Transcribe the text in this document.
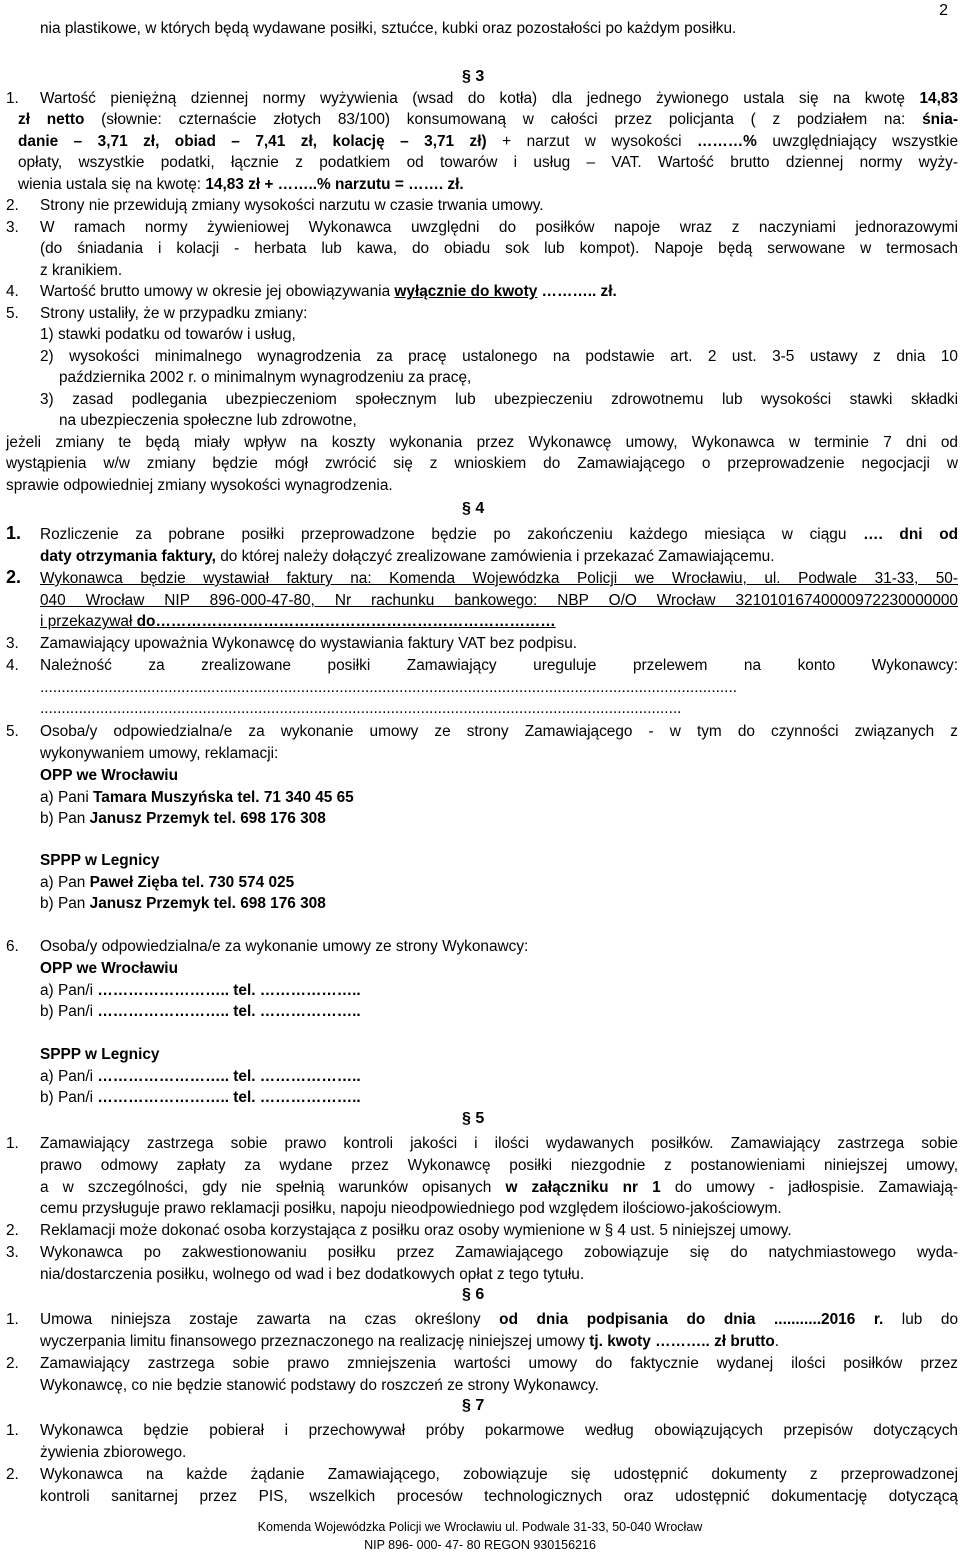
2
nia plastikowe, w których będą wydawane posiłki, sztućce, kubki oraz pozostałości po każdym posiłku.
§ 3
1. Wartość pieniężną dziennej normy wyżywienia (wsad do kotła) dla jednego żywionego ustala się na kwotę 14,83
zł netto (słownie: czternaście złotych 83/100) konsumowaną w całości przez policjanta ( z podziałem na: śnia-
danie – 3,71 zł, obiad – 7,41 zł, kolację – 3,71 zł) + narzut w wysokości ………% uwzględniający wszystkie
opłaty, wszystkie podatki, łącznie z podatkiem od towarów i usług – VAT. Wartość brutto dziennej normy wyży-
wienia ustala się na kwotę: 14,83 zł + ……..% narzutu = ……. zł.
2. Strony nie przewidują zmiany wysokości narzutu w czasie trwania umowy.
3. W ramach normy żywieniowej Wykonawca uwzględni do posiłków napoje wraz z naczyniami jednorazowymi
(do śniadania i kolacji - herbata lub kawa, do obiadu sok lub kompot). Napoje będą serwowane w termosach
z kranikiem.
4. Wartość brutto umowy w okresie jej obowiązywania wyłącznie do kwoty ……….. zł.
5. Strony ustaliły, że w przypadku zmiany:
1) stawki podatku od towarów i usług,
2) wysokości minimalnego wynagrodzenia za pracę ustalonego na podstawie art. 2 ust. 3-5 ustawy z dnia 10
października 2002 r. o minimalnym wynagrodzeniu za pracę,
3) zasad podlegania ubezpieczeniom społecznym lub ubezpieczeniu zdrowotnemu lub wysokości stawki składki
na ubezpieczenia społeczne lub zdrowotne,
jeżeli zmiany te będą miały wpływ na koszty wykonania przez Wykonawcę umowy, Wykonawca w terminie 7 dni od
wystąpienia w/w zmiany będzie mógł zwrócić się z wnioskiem do Zamawiającego o przeprowadzenie negocjacji w
sprawie odpowiedniej zmiany wysokości wynagrodzenia.
§ 4
1. Rozliczenie za pobrane posiłki przeprowadzone będzie po zakończeniu każdego miesiąca w ciągu …. dni od
daty otrzymania faktury, do której należy dołączyć zrealizowane zamówienia i przekazać Zamawiającemu.
2. Wykonawca będzie wystawiał faktury na: Komenda Wojewódzka Policji we Wrocławiu, ul. Podwale 31-33, 50-
040 Wrocław NIP 896-000-47-80, Nr rachunku bankowego: NBP O/O Wrocław 32101016740000972230000000
i przekazywał do……………………………………………………………………
3. Zamawiający upoważnia Wykonawcę do wystawiania faktury VAT bez podpisu.
4. Należność za zrealizowane posiłki Zamawiający ureguluje przelewem na konto Wykonawcy:
...................................................................................................................................................................
......................................................................................................................................................
5. Osoba/y odpowiedzialna/e za wykonanie umowy ze strony Zamawiającego - w tym do czynności związanych z
wykonywaniem umowy, reklamacji:
OPP we Wrocławiu
a) Pani Tamara Muszyńska tel. 71 340 45 65
b) Pan Janusz Przemyk tel. 698 176 308
SPPP w Legnicy
a) Pan Paweł Zięba tel. 730 574 025
b) Pan Janusz Przemyk tel. 698 176 308
6. Osoba/y odpowiedzialna/e za wykonanie umowy ze strony Wykonawcy:
OPP we Wrocławiu
a) Pan/i …………………….. tel. ………………..
b) Pan/i …………………….. tel. ………………..
SPPP w Legnicy
a) Pan/i …………………….. tel. ………………..
b) Pan/i …………………….. tel. ………………..
§ 5
1. Zamawiający zastrzega sobie prawo kontroli jakości i ilości wydawanych posiłków. Zamawiający zastrzega sobie
prawo odmowy zapłaty za wydane przez Wykonawcę posiłki niezgodnie z postanowieniami niniejszej umowy,
a w szczególności, gdy nie spełnią warunków opisanych w załączniku nr 1 do umowy - jadłospisie. Zamawiają-
cemu przysługuje prawo reklamacji posiłku, napoju nieodpowiedniego pod względem ilościowo-jakościowym.
2. Reklamacji może dokonać osoba korzystająca z posiłku oraz osoby wymienione w § 4 ust. 5 niniejszej umowy.
3. Wykonawca po zakwestionowaniu posiłku przez Zamawiającego zobowiązuje się do natychmiastowego wyda-
nia/dostarczenia posiłku, wolnego od wad i bez dodatkowych opłat z tego tytułu.
§ 6
1. Umowa niniejsza zostaje zawarta na czas określony od dnia podpisania do dnia ...........2016 r. lub do
wyczerpania limitu finansowego przeznaczonego na realizację niniejszej umowy tj. kwoty ……….. zł brutto.
2. Zamawiający zastrzega sobie prawo zmniejszenia wartości umowy do faktycznie wydanej ilości posiłków przez
Wykonawcę, co nie będzie stanowić podstawy do roszczeń ze strony Wykonawcy.
§ 7
1. Wykonawca będzie pobierał i przechowywał próby pokarmowe według obowiązujących przepisów dotyczących
żywienia zbiorowego.
2. Wykonawca na każde żądanie Zamawiającego, zobowiązuje się udostępnić dokumenty z przeprowadzonej
kontroli sanitarnej przez PIS, wszelkich procesów technologicznych oraz udostępnić dokumentację dotyczącą
Komenda Wojewódzka Policji we Wrocławiu ul. Podwale 31-33, 50-040 Wrocław
NIP 896- 000- 47- 80 REGON 930156216
